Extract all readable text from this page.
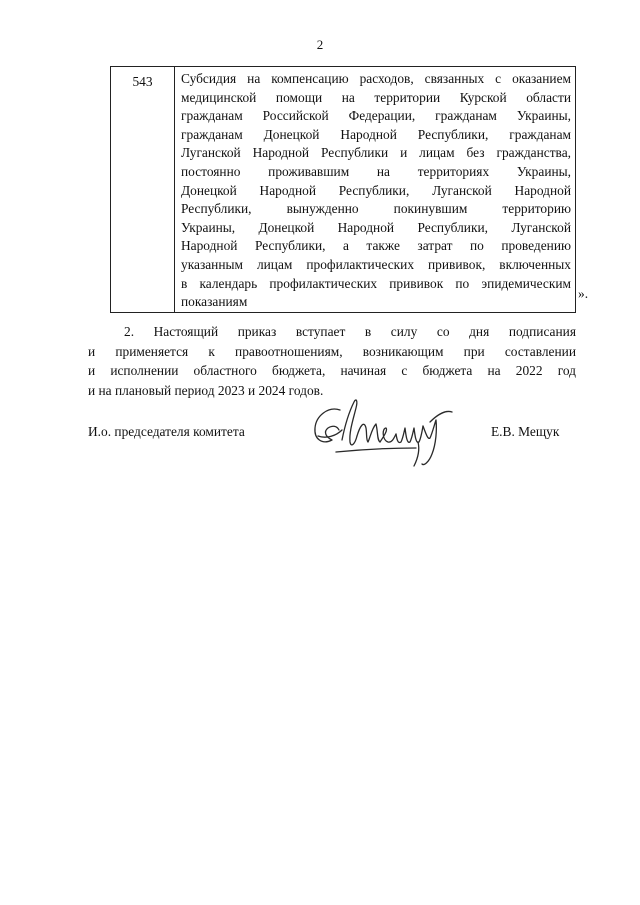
2
543	Субсидия на компенсацию расходов, связанных с оказанием
медицинской помощи на территории Курской области
гражданам Российской Федерации, гражданам Украины,
гражданам Донецкой Народной Республики, гражданам
Луганской Народной Республики и лицам без гражданства,
постоянно проживавшим на территориях Украины,
Донецкой Народной Республики, Луганской Народной
Республики, вынужденно покинувшим территорию
Украины, Донецкой Народной Республики, Луганской
Народной Республики, а также затрат по проведению
указанным лицам профилактических прививок, включенных
в календарь профилактических прививок по эпидемическим
показаниям
».
2. Настоящий приказ вступает в силу со дня подписания
и применяется к правоотношениям, возникающим при составлении
и исполнении областного бюджета, начиная с бюджета на 2022 год
и на плановый период 2023 и 2024 годов.
И.о. председателя комитета	Е.В. Мещук
